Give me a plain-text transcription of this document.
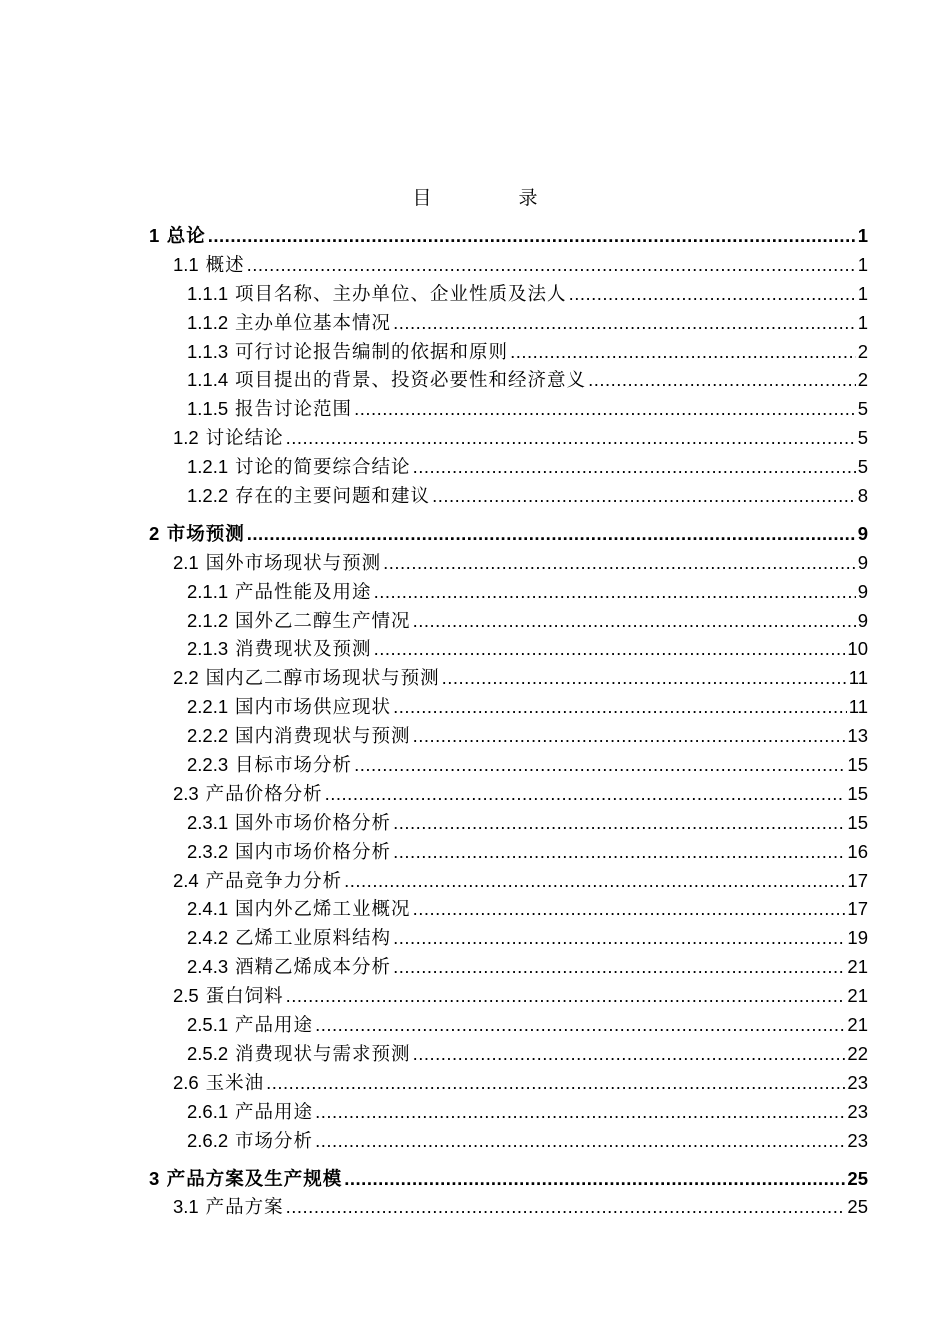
目　录
1 总论 .....	1
1.1 概述 .....	1
1.1.1 项目名称、主办单位、企业性质及法人 .....	1
1.1.2 主办单位基本情况 .....	1
1.1.3 可行讨论报告编制的依据和原则 .....	2
1.1.4 项目提出的背景、投资必要性和经济意义 .....	2
1.1.5 报告讨论范围 .....	5
1.2 讨论结论 .....	5
1.2.1 讨论的简要综合结论 .....	5
1.2.2 存在的主要问题和建议 .....	8
2 市场预测 .....	9
2.1 国外市场现状与预测 .....	9
2.1.1 产品性能及用途 .....	9
2.1.2 国外乙二醇生产情况 .....	9
2.1.3 消费现状及预测 .....	10
2.2 国内乙二醇市场现状与预测 .....	11
2.2.1 国内市场供应现状 .....	11
2.2.2 国内消费现状与预测 .....	13
2.2.3 目标市场分析 .....	15
2.3 产品价格分析 .....	15
2.3.1 国外市场价格分析 .....	15
2.3.2 国内市场价格分析 .....	16
2.4 产品竞争力分析 .....	17
2.4.1 国内外乙烯工业概况 .....	17
2.4.2 乙烯工业原料结构 .....	19
2.4.3 酒精乙烯成本分析 .....	21
2.5 蛋白饲料 .....	21
2.5.1 产品用途 .....	21
2.5.2 消费现状与需求预测 .....	22
2.6 玉米油 .....	23
2.6.1 产品用途 .....	23
2.6.2 市场分析 .....	23
3 产品方案及生产规模 .....	25
3.1 产品方案 .....	25
